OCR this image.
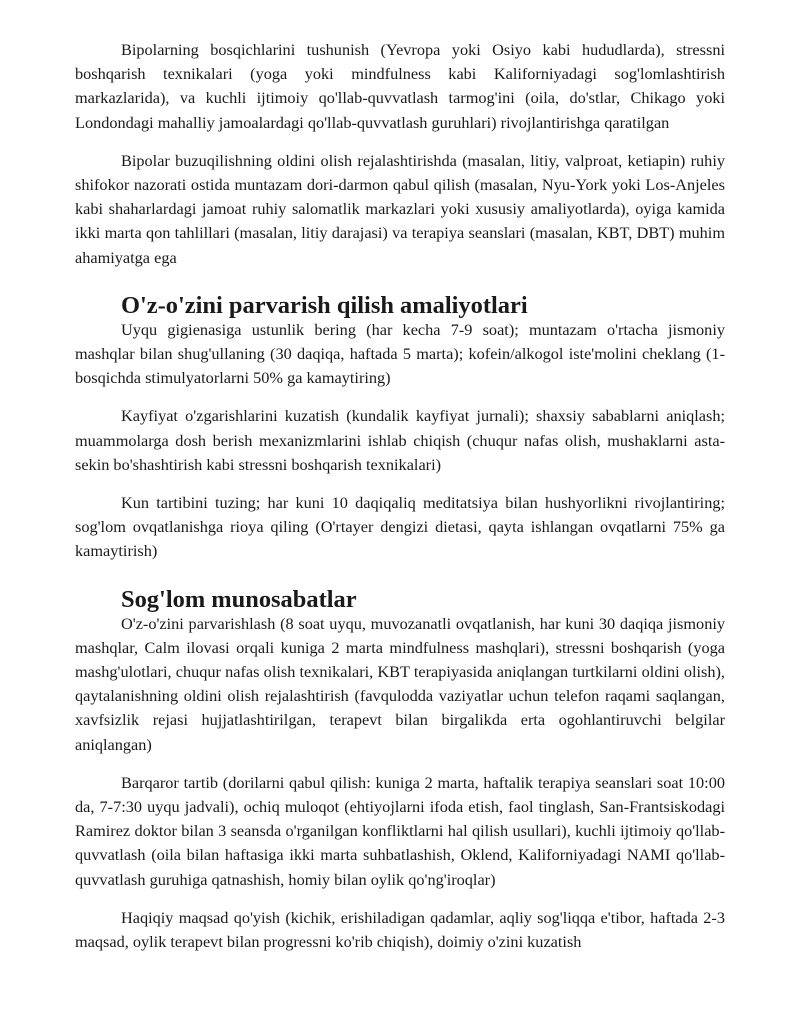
Bipolarning bosqichlarini tushunish (Yevropa yoki Osiyo kabi hududlarda), stressni boshqarish texnikalari (yoga yoki mindfulness kabi Kaliforniyadagi sog'lomlashtirish markazlarida), va kuchli ijtimoiy qo'llab-quvvatlash tarmog'ini (oila, do'stlar, Chikago yoki Londondagi mahalliy jamoalardagi qo'llab-quvvatlash guruhlari) rivojlantirishga qaratilgan

Bipolar buzuqilishning oldini olish rejalashtirishda (masalan, litiy, valproat, ketiapin) ruhiy shifokor nazorati ostida muntazam dori-darmon qabul qilish (masalan, Nyu-York yoki Los-Anjeles kabi shaharlardagi jamoat ruhiy salomatlik markazlari yoki xususiy amaliyotlarda), oyiga kamida ikki marta qon tahlillari (masalan, litiy darajasi) va terapiya seanslari (masalan, KBT, DBT) muhim ahamiyatga ega

O'z-o'zini parvarish qilish amaliyotlari

Uyqu gigienasiga ustunlik bering (har kecha 7-9 soat); muntazam o'rtacha jismoniy mashqlar bilan shug'ullaning (30 daqiqa, haftada 5 marta); kofein/alkogol iste'molini cheklang (1-bosqichda stimulyatorlarni 50% ga kamaytiring)

Kayfiyat o'zgarishlarini kuzatish (kundalik kayfiyat jurnali); shaxsiy sabablarni aniqlash; muammolarga dosh berish mexanizmlarini ishlab chiqish (chuqur nafas olish, mushaklarni asta-sekin bo'shashtirish kabi stressni boshqarish texnikalari)

Kun tartibini tuzing; har kuni 10 daqiqaliq meditatsiya bilan hushyorlikni rivojlantiring; sog'lom ovqatlanishga rioya qiling (O'rtayer dengizi dietasi, qayta ishlangan ovqatlarni 75% ga kamaytirish)

Sog'lom munosabatlar

O'z-o'zini parvarishlash (8 soat uyqu, muvozanatli ovqatlanish, har kuni 30 daqiqa jismoniy mashqlar, Calm ilovasi orqali kuniga 2 marta mindfulness mashqlari), stressni boshqarish (yoga mashg'ulotlari, chuqur nafas olish texnikalari, KBT terapiyasida aniqlangan turtkilarni oldini olish), qaytalanishning oldini olish rejalashtirish (favqulodda vaziyatlar uchun telefon raqami saqlangan, xavfsizlik rejasi hujjatlashtirilgan, terapevt bilan birgalikda erta ogohlantiruvchi belgilar aniqlangan)

Barqaror tartib (dorilarni qabul qilish: kuniga 2 marta, haftalik terapiya seanslari soat 10:00 da, 7-7:30 uyqu jadvali), ochiq muloqot (ehtiyojlarni ifoda etish, faol tinglash, San-Frantsiskodagi Ramirez doktor bilan 3 seansda o'rganilgan konfliktlarni hal qilish usullari), kuchli ijtimoiy qo'llab-quvvatlash (oila bilan haftasiga ikki marta suhbatlashish, Oklend, Kaliforniyadagi NAMI qo'llab-quvvatlash guruhiga qatnashish, homiy bilan oylik qo'ng'iroqlar)

Haqiqiy maqsad qo'yish (kichik, erishiladigan qadamlar, aqliy sog'liqqa e'tibor, haftada 2-3 maqsad, oylik terapevt bilan progressni ko'rib chiqish), doimiy o'zini kuzatish
